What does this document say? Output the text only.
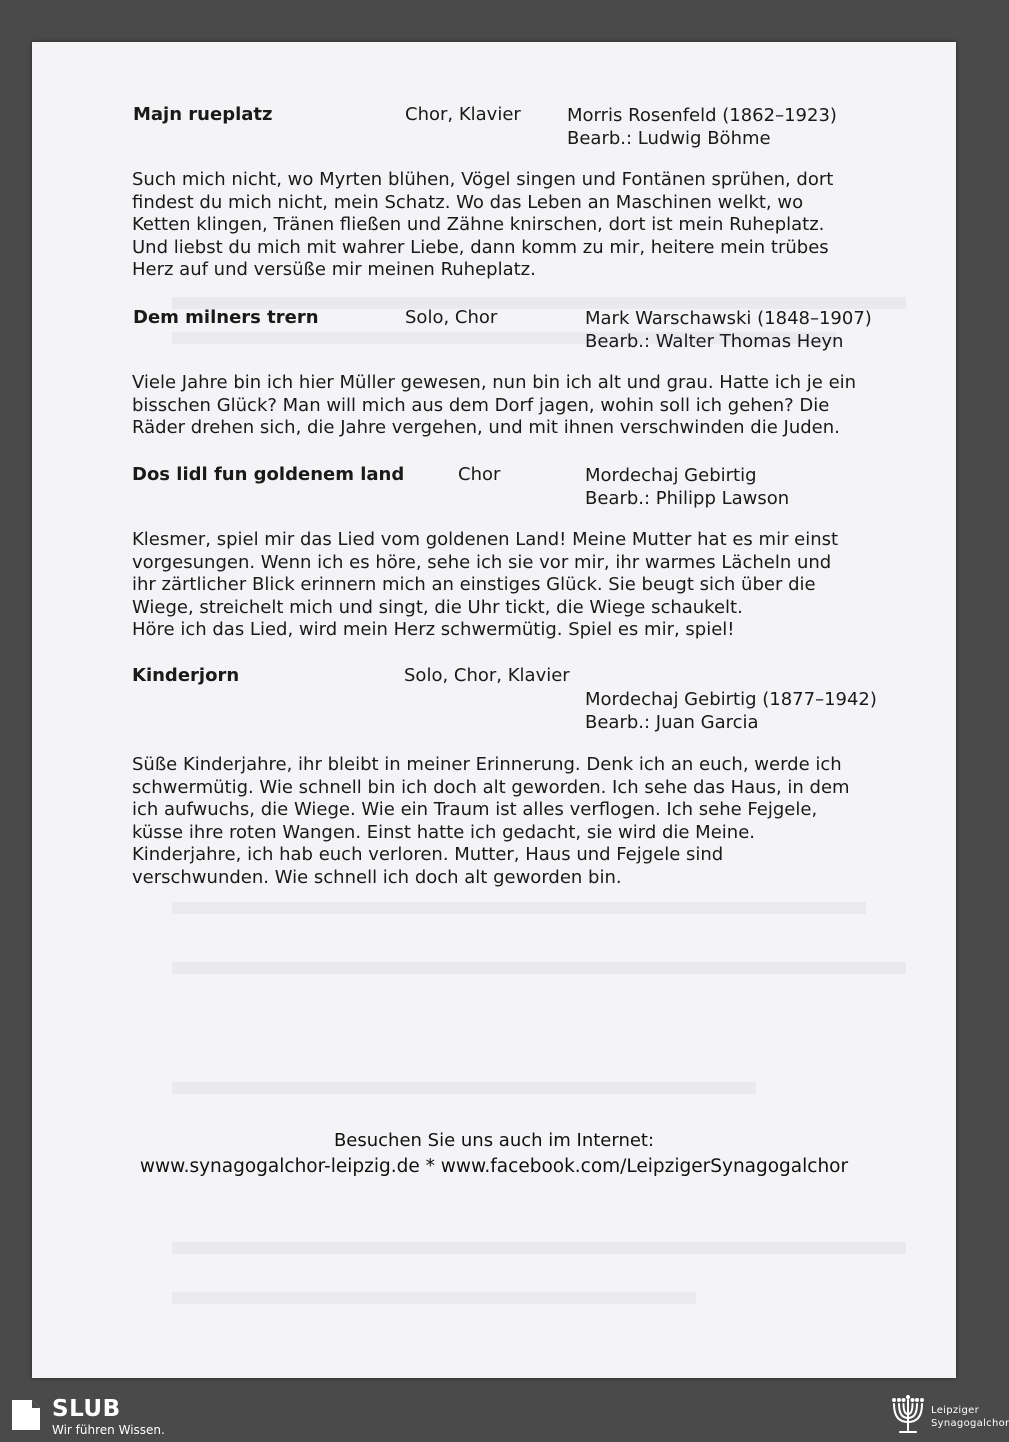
Majn rueplatz	Chor, Klavier	Morris Rosenfeld (1862–1923)
Bearb.: Ludwig Böhme
Such mich nicht, wo Myrten blühen, Vögel singen und Fontänen sprühen, dort
findest du mich nicht, mein Schatz. Wo das Leben an Maschinen welkt, wo
Ketten klingen, Tränen fließen und Zähne knirschen, dort ist mein Ruheplatz.
Und liebst du mich mit wahrer Liebe, dann komm zu mir, heitere mein trübes
Herz auf und versüße mir meinen Ruheplatz.
Dem milners trern	Solo, Chor	Mark Warschawski (1848–1907)
Bearb.: Walter Thomas Heyn
Viele Jahre bin ich hier Müller gewesen, nun bin ich alt und grau. Hatte ich je ein
bisschen Glück? Man will mich aus dem Dorf jagen, wohin soll ich gehen? Die
Räder drehen sich, die Jahre vergehen, und mit ihnen verschwinden die Juden.
Dos lidl fun goldenem land	Chor	Mordechaj Gebirtig
Bearb.: Philipp Lawson
Klesmer, spiel mir das Lied vom goldenen Land! Meine Mutter hat es mir einst
vorgesungen. Wenn ich es höre, sehe ich sie vor mir, ihr warmes Lächeln und
ihr zärtlicher Blick erinnern mich an einstiges Glück. Sie beugt sich über die
Wiege, streichelt mich und singt, die Uhr tickt, die Wiege schaukelt.
Höre ich das Lied, wird mein Herz schwermütig. Spiel es mir, spiel!
Kinderjorn	Solo, Chor, Klavier
Mordechaj Gebirtig (1877–1942)
Bearb.: Juan Garcia
Süße Kinderjahre, ihr bleibt in meiner Erinnerung. Denk ich an euch, werde ich
schwermütig. Wie schnell bin ich doch alt geworden. Ich sehe das Haus, in dem
ich aufwuchs, die Wiege. Wie ein Traum ist alles verflogen. Ich sehe Fejgele,
küsse ihre roten Wangen. Einst hatte ich gedacht, sie wird die Meine.
Kinderjahre, ich hab euch verloren. Mutter, Haus und Fejgele sind
verschwunden. Wie schnell ich doch alt geworden bin.
Besuchen Sie uns auch im Internet:
www.synagogalchor-leipzig.de * www.facebook.com/LeipzigerSynagogalchor
SLUB
Wir führen Wissen.
Leipziger
Synagogalchor
